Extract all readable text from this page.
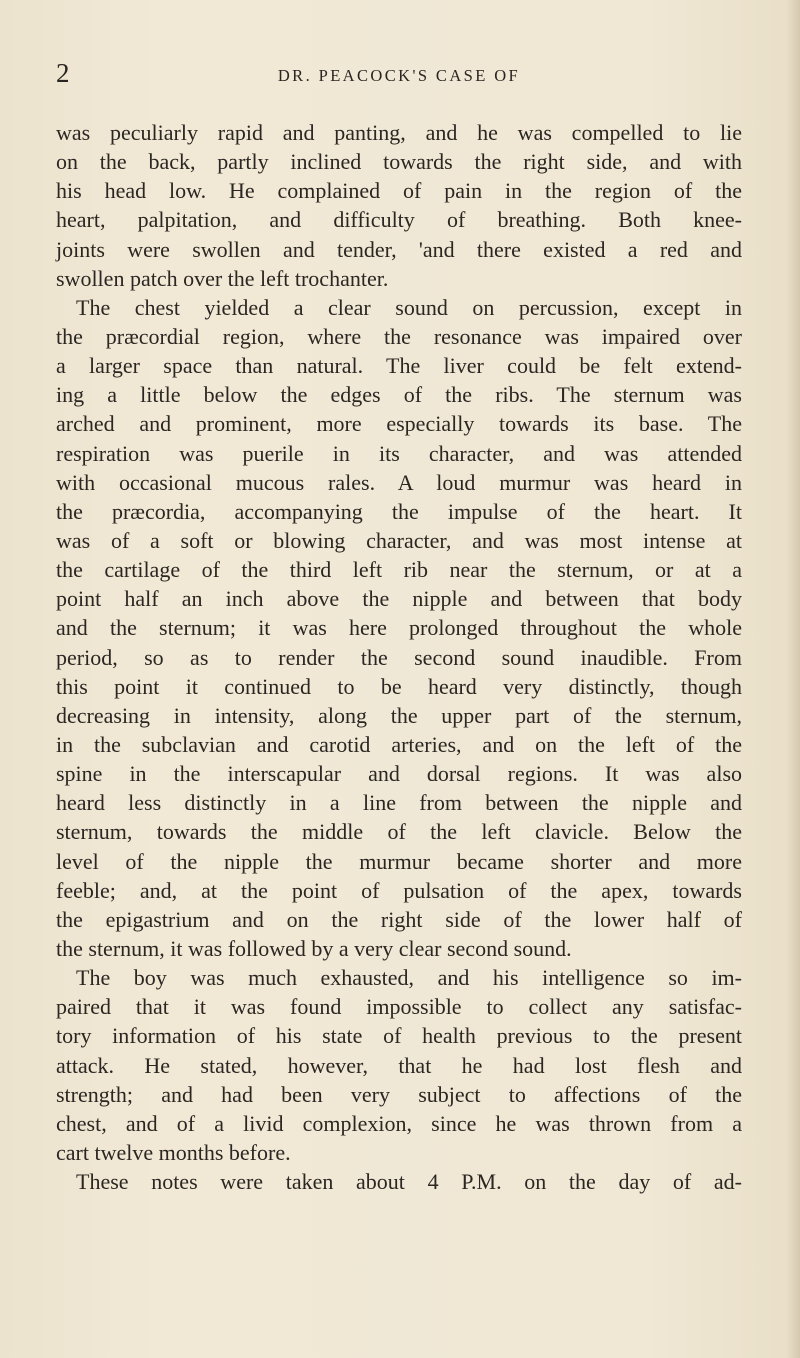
2	DR. PEACOCK'S CASE OF
was peculiarly rapid and panting, and he was compelled to lie
on the back, partly inclined towards the right side, and with
his head low. He complained of pain in the region of the
heart, palpitation, and difficulty of breathing. Both knee-
joints were swollen and tender, 'and there existed a red and
swollen patch over the left trochanter.
The chest yielded a clear sound on percussion, except in
the præcordial region, where the resonance was impaired over
a larger space than natural. The liver could be felt extend-
ing a little below the edges of the ribs. The sternum was
arched and prominent, more especially towards its base. The
respiration was puerile in its character, and was attended
with occasional mucous rales. A loud murmur was heard in
the præcordia, accompanying the impulse of the heart. It
was of a soft or blowing character, and was most intense at
the cartilage of the third left rib near the sternum, or at a
point half an inch above the nipple and between that body
and the sternum; it was here prolonged throughout the whole
period, so as to render the second sound inaudible. From
this point it continued to be heard very distinctly, though
decreasing in intensity, along the upper part of the sternum,
in the subclavian and carotid arteries, and on the left of the
spine in the interscapular and dorsal regions. It was also
heard less distinctly in a line from between the nipple and
sternum, towards the middle of the left clavicle. Below the
level of the nipple the murmur became shorter and more
feeble; and, at the point of pulsation of the apex, towards
the epigastrium and on the right side of the lower half of
the sternum, it was followed by a very clear second sound.
The boy was much exhausted, and his intelligence so im-
paired that it was found impossible to collect any satisfac-
tory information of his state of health previous to the present
attack. He stated, however, that he had lost flesh and
strength; and had been very subject to affections of the
chest, and of a livid complexion, since he was thrown from a
cart twelve months before.
These notes were taken about 4 P.M. on the day of ad-
